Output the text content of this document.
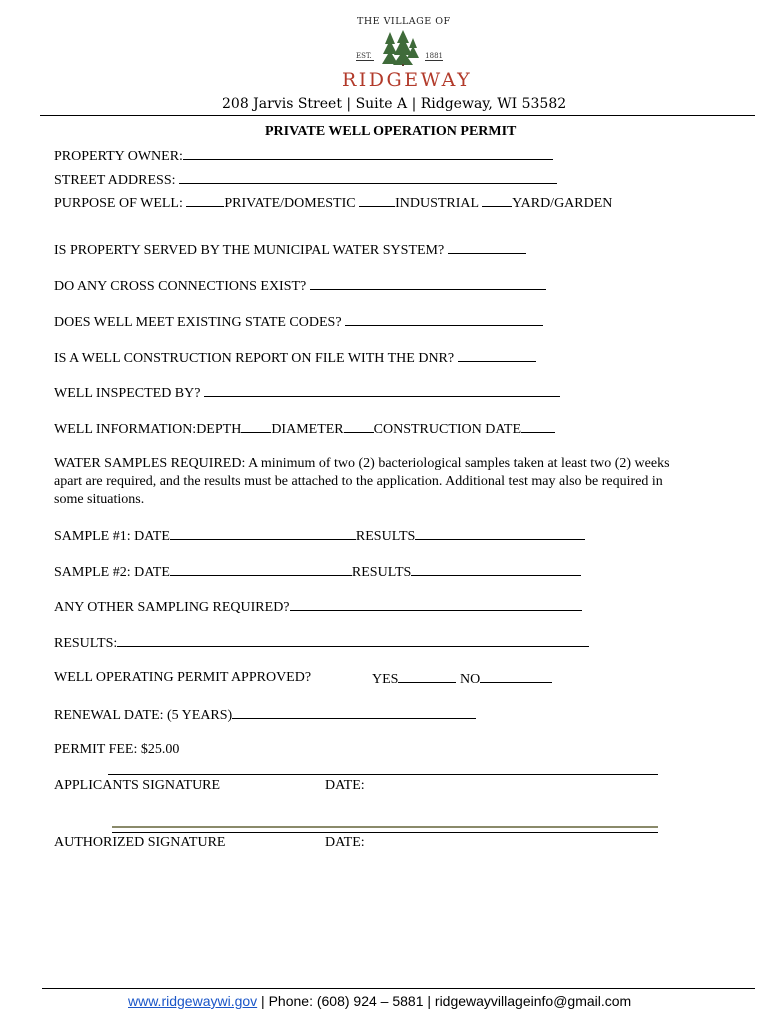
THE VILLAGE OF
EST.	1881
RIDGEWAY
208 Jarvis Street | Suite A | Ridgeway, WI 53582
PRIVATE WELL OPERATION PERMIT
PROPERTY OWNER:
STREET ADDRESS:
PURPOSE OF WELL:	PRIVATE/DOMESTIC	INDUSTRIAL YARD/GARDEN
IS PROPERTY SERVED BY THE MUNICIPAL WATER SYSTEM?
DO ANY CROSS CONNECTIONS EXIST?
DOES WELL MEET EXISTING STATE CODES?
IS A WELL CONSTRUCTION REPORT ON FILE WITH THE DNR?
WELL INSPECTED BY?
WELL INFORMATION:DEPTH DIAMETER CONSTRUCTION DATE
WATER SAMPLES REQUIRED: A minimum of two (2) bacteriological samples taken at least two (2) weeks
apart are required, and the results must be attached to the application. Additional test may also be required in
some situations.
SAMPLE #1: DATE	RESULTS
SAMPLE #2: DATE	RESULTS
ANY OTHER SAMPLING REQUIRED?
RESULTS:
WELL OPERATING PERMIT APPROVED?	YES	NO
RENEWAL DATE: (5 YEARS)
PERMIT FEE: $25.00
APPLICANTS SIGNATURE	DATE:
AUTHORIZED SIGNATURE	DATE:
www.ridgewaywi.gov | Phone: (608) 924 – 5881 | ridgewayvillageinfo@gmail.com
